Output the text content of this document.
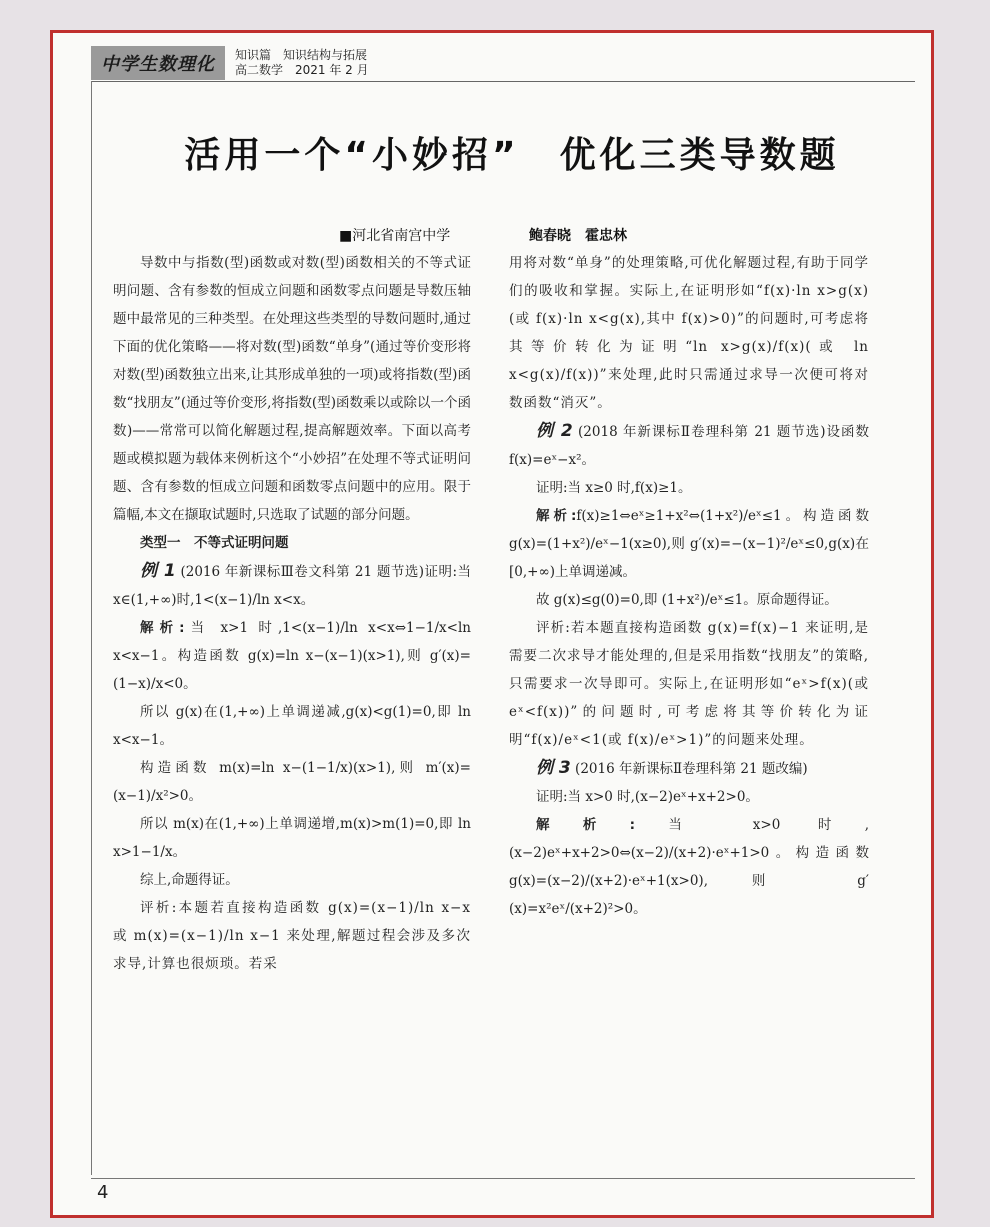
中学生数理化	知识篇　知识结构与拓展
高二数学　2021 年 2 月
活用一个“小妙招”　优化三类导数题
■河北省南宫中学	鲍春晓　霍忠林

导数中与指数(型)函数或对数(型)函数相关的不等式证明问题、含有参数的恒成立问题和函数零点问题是导数压轴题中最常见的三种类型。在处理这些类型的导数问题时,通过下面的优化策略——将对数(型)函数“单身”(通过等价变形将对数(型)函数独立出来,让其形成单独的一项)或将指数(型)函数“找朋友”(通过等价变形,将指数(型)函数乘以或除以一个函数)——常常可以简化解题过程,提高解题效率。下面以高考题或模拟题为载体来例析这个“小妙招”在处理不等式证明问题、含有参数的恒成立问题和函数零点问题中的应用。限于篇幅,本文在撷取试题时,只选取了试题的部分问题。

类型一　不等式证明问题

例 1 (2016 年新课标Ⅲ卷文科第 21 题节选)证明:当 x∈(1,+∞)时,1<(x−1)/ln x<x。

解析:当 x>1 时,1<(x−1)/ln x<x⇔1−1/x<ln x<x−1。构造函数 g(x)=ln x−(x−1)(x>1),则 g′(x)=(1−x)/x<0。

所以 g(x)在(1,+∞)上单调递减,g(x)<g(1)=0,即 ln x<x−1。

构造函数 m(x)=ln x−(1−1/x)(x>1),则 m′(x)=(x−1)/x²>0。

所以 m(x)在(1,+∞)上单调递增,m(x)>m(1)=0,即 ln x>1−1/x。

综上,命题得证。

评析:本题若直接构造函数 g(x)=(x−1)/ln x−x 或 m(x)=(x−1)/ln x−1 来处理,解题过程会涉及多次求导,计算也很烦琐。若采

用将对数“单身”的处理策略,可优化解题过程,有助于同学们的吸收和掌握。实际上,在证明形如“f(x)·ln x>g(x)(或 f(x)·ln x<g(x),其中 f(x)>0)”的问题时,可考虑将其等价转化为证明“ln x>g(x)/f(x)(或 ln x<g(x)/f(x))”来处理,此时只需通过求导一次便可将对数函数“消灭”。

例 2 (2018 年新课标Ⅱ卷理科第 21 题节选)设函数 f(x)=eˣ−x²。

证明:当 x≥0 时,f(x)≥1。

解析:f(x)≥1⇔eˣ≥1+x²⇔(1+x²)/eˣ≤1。构造函数 g(x)=(1+x²)/eˣ−1(x≥0),则 g′(x)=−(x−1)²/eˣ≤0,g(x)在[0,+∞)上单调递减。

故 g(x)≤g(0)=0,即 (1+x²)/eˣ≤1。原命题得证。

评析:若本题直接构造函数 g(x)=f(x)−1 来证明,是需要二次求导才能处理的,但是采用指数“找朋友”的策略,只需要求一次导即可。实际上,在证明形如“eˣ>f(x)(或 eˣ<f(x))”的问题时,可考虑将其等价转化为证明“f(x)/eˣ<1(或 f(x)/eˣ>1)”的问题来处理。

例 3 (2016 年新课标Ⅱ卷理科第 21 题改编)

证明:当 x>0 时,(x−2)eˣ+x+2>0。

解析:当 x>0 时,(x−2)eˣ+x+2>0⇔(x−2)/(x+2)·eˣ+1>0。构造函数 g(x)=(x−2)/(x+2)·eˣ+1(x>0),则 g′(x)=x²eˣ/(x+2)²>0。

4
